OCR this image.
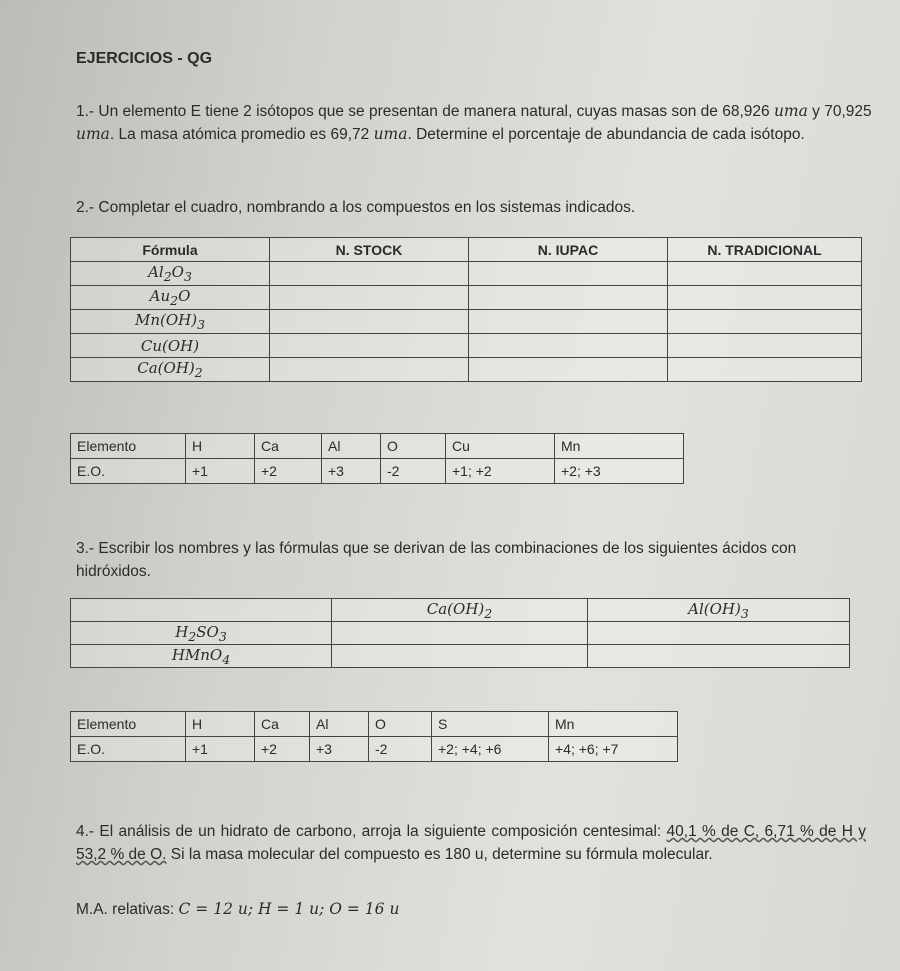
EJERCICIOS - QG
1.- Un elemento E tiene 2 isótopos que se presentan de manera natural, cuyas masas son de 68,926 uma y 70,925 uma. La masa atómica promedio es 69,72 uma. Determine el porcentaje de abundancia de cada isótopo.
2.- Completar el cuadro, nombrando a los compuestos en los sistemas indicados.
Fórmula	N. STOCK	N. IUPAC	N. TRADICIONAL
$Al_2O_3$			
$Au_2O$			
$Mn(OH)_3$			
Cu(OH)			
$Ca(OH)_2$			
Elemento	H	Ca	Al	O	Cu	Mn
E.O.	+1	+2	+3	-2	+1; +2	+2; +3
3.- Escribir los nombres y las fórmulas que se derivan de las combinaciones de los siguientes ácidos con hidróxidos.
	$Ca(OH)_2$	$Al(OH)_3$
$H_2SO_3$		
HMnO$_4$		
Elemento	H	Ca	Al	O	S	Mn
E.O.	+1	+2	+3	-2	+2; +4; +6	+4; +6; +7
4.- El análisis de un hidrato de carbono, arroja la siguiente composición centesimal: 40,1 % de C, 6,71 % de H y 53,2 % de O. Si la masa molecular del compuesto es 180 u, determine su fórmula molecular.
M.A. relativas: C = 12 u; H = 1 u; O = 16 u
